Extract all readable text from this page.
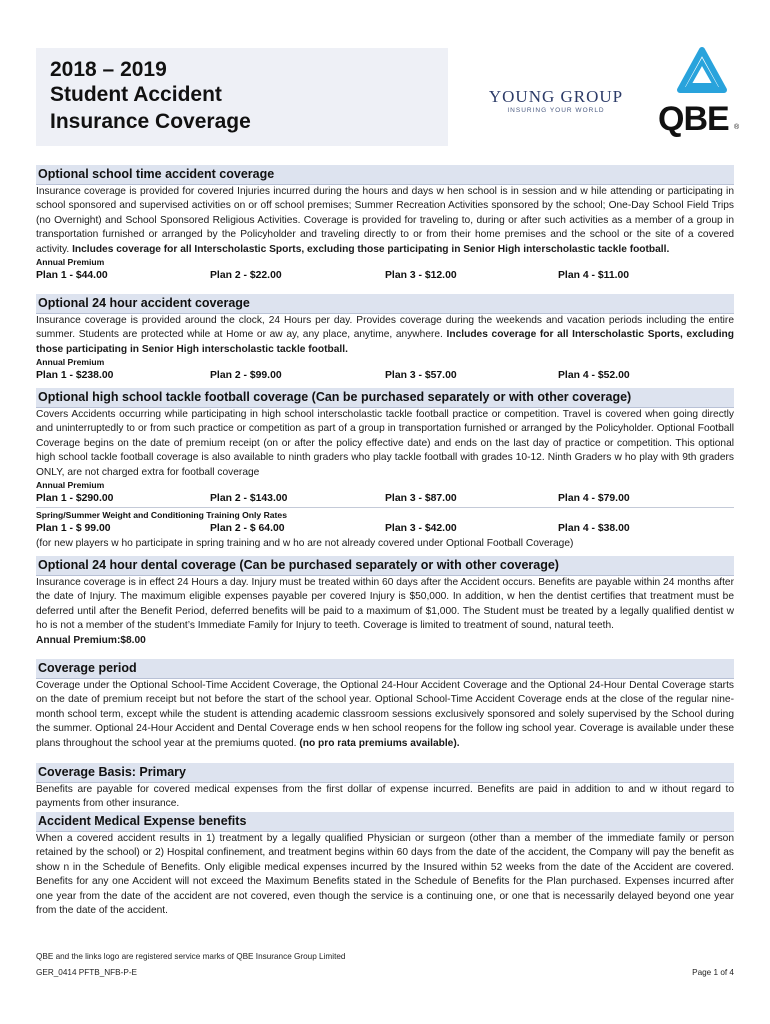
2018 – 2019
Student Accident
Insurance Coverage
YOUNG GROUP
INSURING YOUR WORLD	QBE ®
Optional school time accident coverage
Insurance coverage is provided for covered Injuries incurred during the hours and days w hen school is in session and w hile attending or participating in school sponsored and supervised activities on or off school premises; Summer Recreation Activities sponsored by the school; One-Day School Field Trips (no Overnight) and School Sponsored Religious Activities. Coverage is provided for traveling to, during or after such activities as a member of a group in transportation furnished or arranged by the Policyholder and traveling directly to or from their home premises and the school or the site of a covered activity. Includes coverage for all Interscholastic Sports, excluding those participating in Senior High interscholastic tackle football.
Annual Premium
Plan 1 - $44.00	Plan 2 - $22.00	Plan 3 - $12.00	Plan 4 - $11.00
Optional 24 hour accident coverage
Insurance coverage is provided around the clock, 24 Hours per day. Provides coverage during the weekends and vacation periods including the entire summer. Students are protected while at Home or aw ay, any place, anytime, anywhere. Includes coverage for all Interscholastic Sports, excluding those participating in Senior High interscholastic tackle football.
Annual Premium
Plan 1 - $238.00	Plan 2 - $99.00	Plan 3 - $57.00	Plan 4 - $52.00
Optional high school tackle football coverage (Can be purchased separately or with other coverage)
Covers Accidents occurring while participating in high school interscholastic tackle football practice or competition. Travel is covered when going directly and uninterruptedly to or from such practice or competition as part of a group in transportation furnished or arranged by the Policyholder. Optional Football Coverage begins on the date of premium receipt (on or after the policy effective date) and ends on the last day of practice or competition. This optional high school tackle football coverage is also available to ninth graders who play tackle football with grades 10-12. Ninth Graders w ho play with 9th graders ONLY, are not charged extra for football coverage
Annual Premium
Plan 1 - $290.00	Plan 2 - $143.00	Plan 3 - $87.00	Plan 4 - $79.00
Spring/Summer Weight and Conditioning Training Only Rates
Plan 1 - $ 99.00	Plan 2 - $ 64.00	Plan 3 - $42.00	Plan 4 - $38.00
(for new players w ho participate in spring training and w ho are not already covered under Optional Football Coverage)
Optional 24 hour dental coverage (Can be purchased separately or with other coverage)
Insurance coverage is in effect 24 Hours a day. Injury must be treated within 60 days after the Accident occurs. Benefits are payable within 24 months after the date of Injury. The maximum eligible expenses payable per covered Injury is $50,000. In addition, w hen the dentist certifies that treatment must be deferred until after the Benefit Period, deferred benefits will be paid to a maximum of $1,000. The Student must be treated by a legally qualified dentist w ho is not a member of the student’s Immediate Family for Injury to teeth. Coverage is limited to treatment of sound, natural teeth.
Annual Premium:$8.00
Coverage period
Coverage under the Optional School-Time Accident Coverage, the Optional 24-Hour Accident Coverage and the Optional 24-Hour Dental Coverage starts on the date of premium receipt but not before the start of the school year. Optional School-Time Accident Coverage ends at the close of the regular nine-month school term, except while the student is attending academic classroom sessions exclusively sponsored and solely supervised by the School during the summer. Optional 24-Hour Accident and Dental Coverage ends w hen school reopens for the follow ing school year. Coverage is available under these plans throughout the school year at the premiums quoted. (no pro rata premiums available).
Coverage Basis: Primary
Benefits are payable for covered medical expenses from the first dollar of expense incurred. Benefits are paid in addition to and w ithout regard to payments from other insurance.
Accident Medical Expense benefits
When a covered accident results in 1) treatment by a legally qualified Physician or surgeon (other than a member of the immediate family or person retained by the school) or 2) Hospital confinement, and treatment begins within 60 days from the date of the accident, the Company will pay the benefit as show n in the Schedule of Benefits. Only eligible medical expenses incurred by the Insured within 52 weeks from the date of the Accident are covered. Benefits for any one Accident will not exceed the Maximum Benefits stated in the Schedule of Benefits for the Plan purchased. Expenses incurred after one year from the date of the accident are not covered, even though the service is a continuing one, or one that is necessarily delayed beyond one year from the date of the accident.
QBE and the links logo are registered service marks of QBE Insurance Group Limited
GER_0414 PFTB_NFB-P-E	Page 1 of 4
